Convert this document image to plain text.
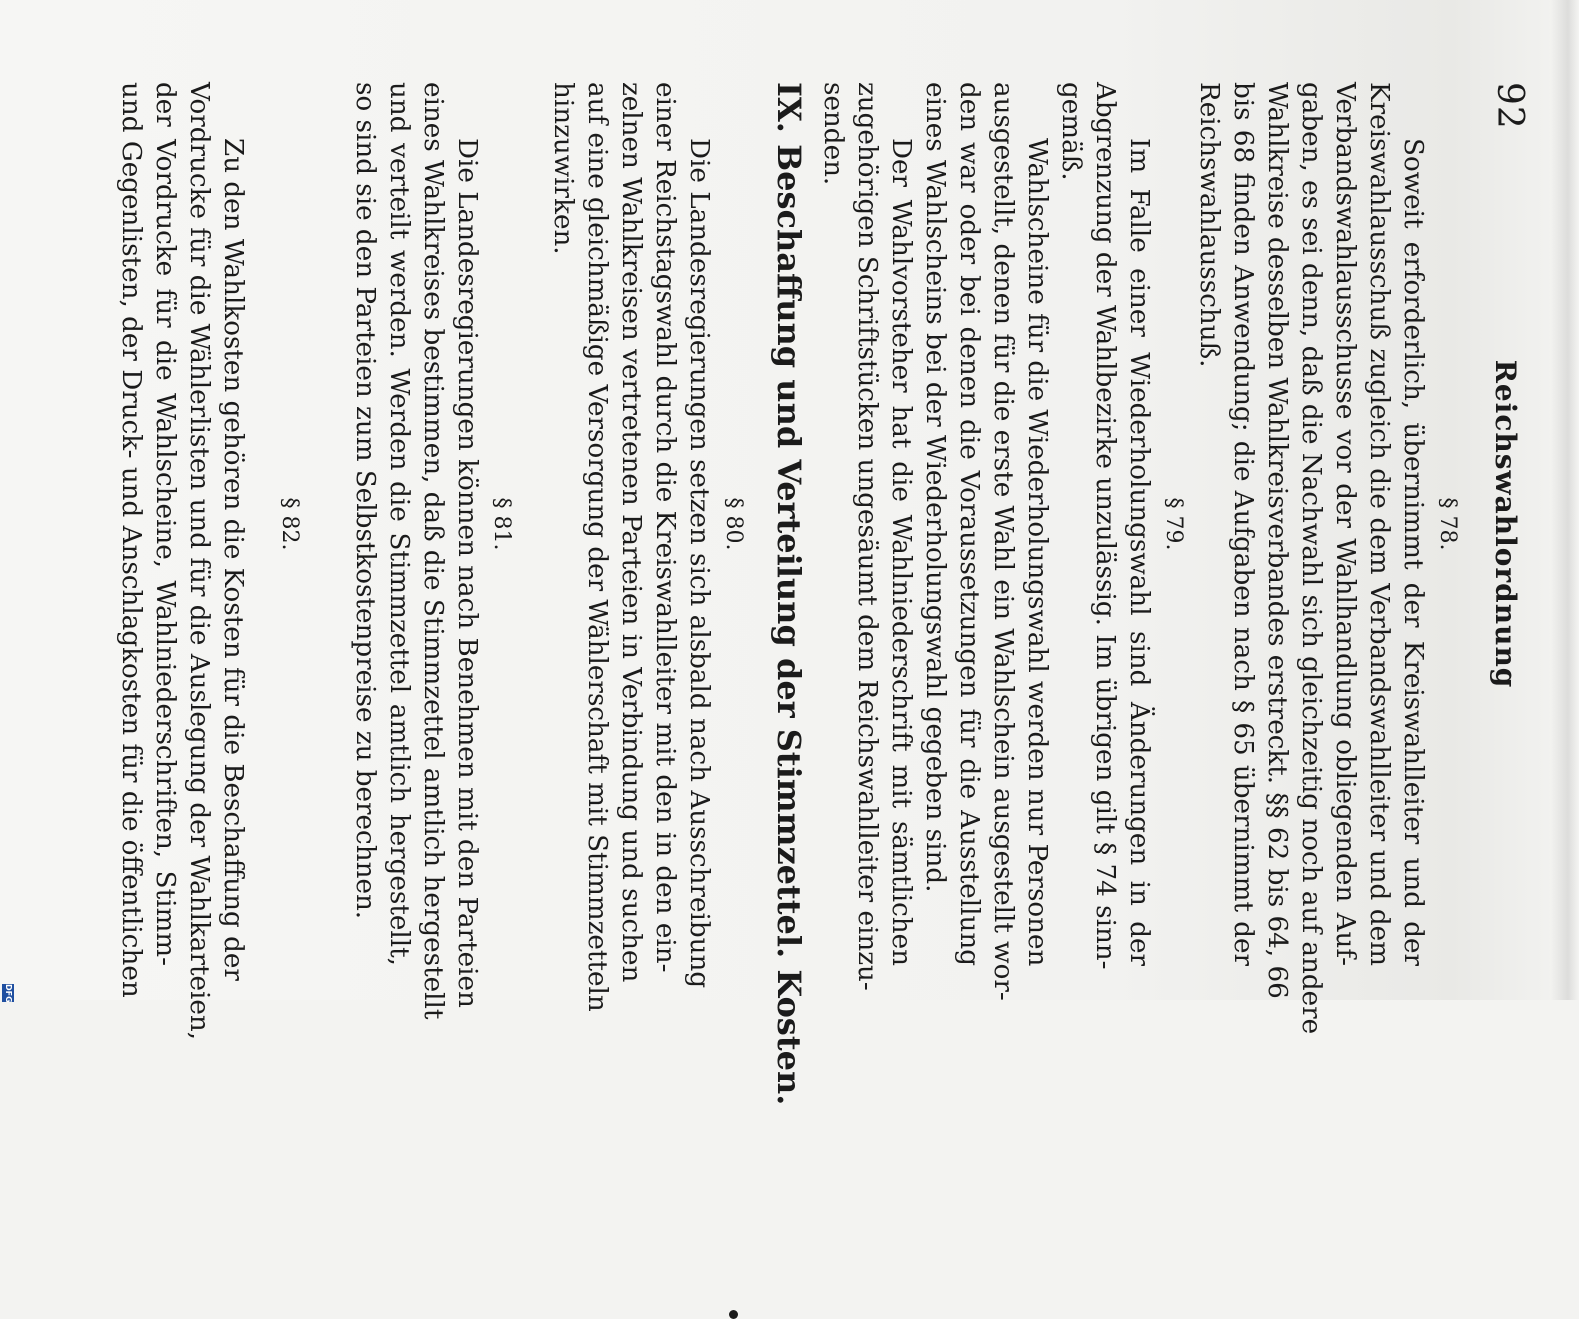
92
Reichswahlordnung
§ 78.
Soweit erforderlich, übernimmt der Kreiswahlleiter und der
Kreiswahlausschuß zugleich die dem Verbandswahlleiter und dem
Verbandswahlausschusse vor der Wahlhandlung obliegenden Auf-
gaben, es sei denn, daß die Nachwahl sich gleichzeitig noch auf andere
Wahlkreise desselben Wahlkreisverbandes erstreckt. §§ 62 bis 64, 66
bis 68 finden Anwendung; die Aufgaben nach § 65 übernimmt der
Reichswahlausschuß.
§ 79.
Im Falle einer Wiederholungswahl sind Änderungen in der
Abgrenzung der Wahlbezirke unzulässig. Im übrigen gilt § 74 sinn-
gemäß.
Wahlscheine für die Wiederholungswahl werden nur Personen
ausgestellt, denen für die erste Wahl ein Wahlschein ausgestellt wor-
den war oder bei denen die Voraussetzungen für die Ausstellung
eines Wahlscheins bei der Wiederholungswahl gegeben sind.
Der Wahlvorsteher hat die Wahlniederschrift mit sämtlichen
zugehörigen Schriftstücken ungesäumt dem Reichswahlleiter einzu-
senden.
IX. Beschaffung und Verteilung der Stimmzettel. Kosten.
§ 80.
Die Landesregierungen setzen sich alsbald nach Ausschreibung
einer Reichstagswahl durch die Kreiswahlleiter mit den in den ein-
zelnen Wahlkreisen vertretenen Parteien in Verbindung und suchen
auf eine gleichmäßige Versorgung der Wählerschaft mit Stimmzetteln
hinzuwirken.
§ 81.
Die Landesregierungen können nach Benehmen mit den Parteien
eines Wahlkreises bestimmen, daß die Stimmzettel amtlich hergestellt
und verteilt werden. Werden die Stimmzettel amtlich hergestellt,
so sind sie den Parteien zum Selbstkostenpreise zu berechnen.
§ 82.
Zu den Wahlkosten gehören die Kosten für die Beschaffung der
Vordrucke für die Wählerlisten und für die Auslegung der Wahlkarteien,
der Vordrucke für die Wahlscheine, Wahlniederschriften, Stimm-
und Gegenlisten, der Druck- und Anschlagkosten für die öffentlichen
DFG
